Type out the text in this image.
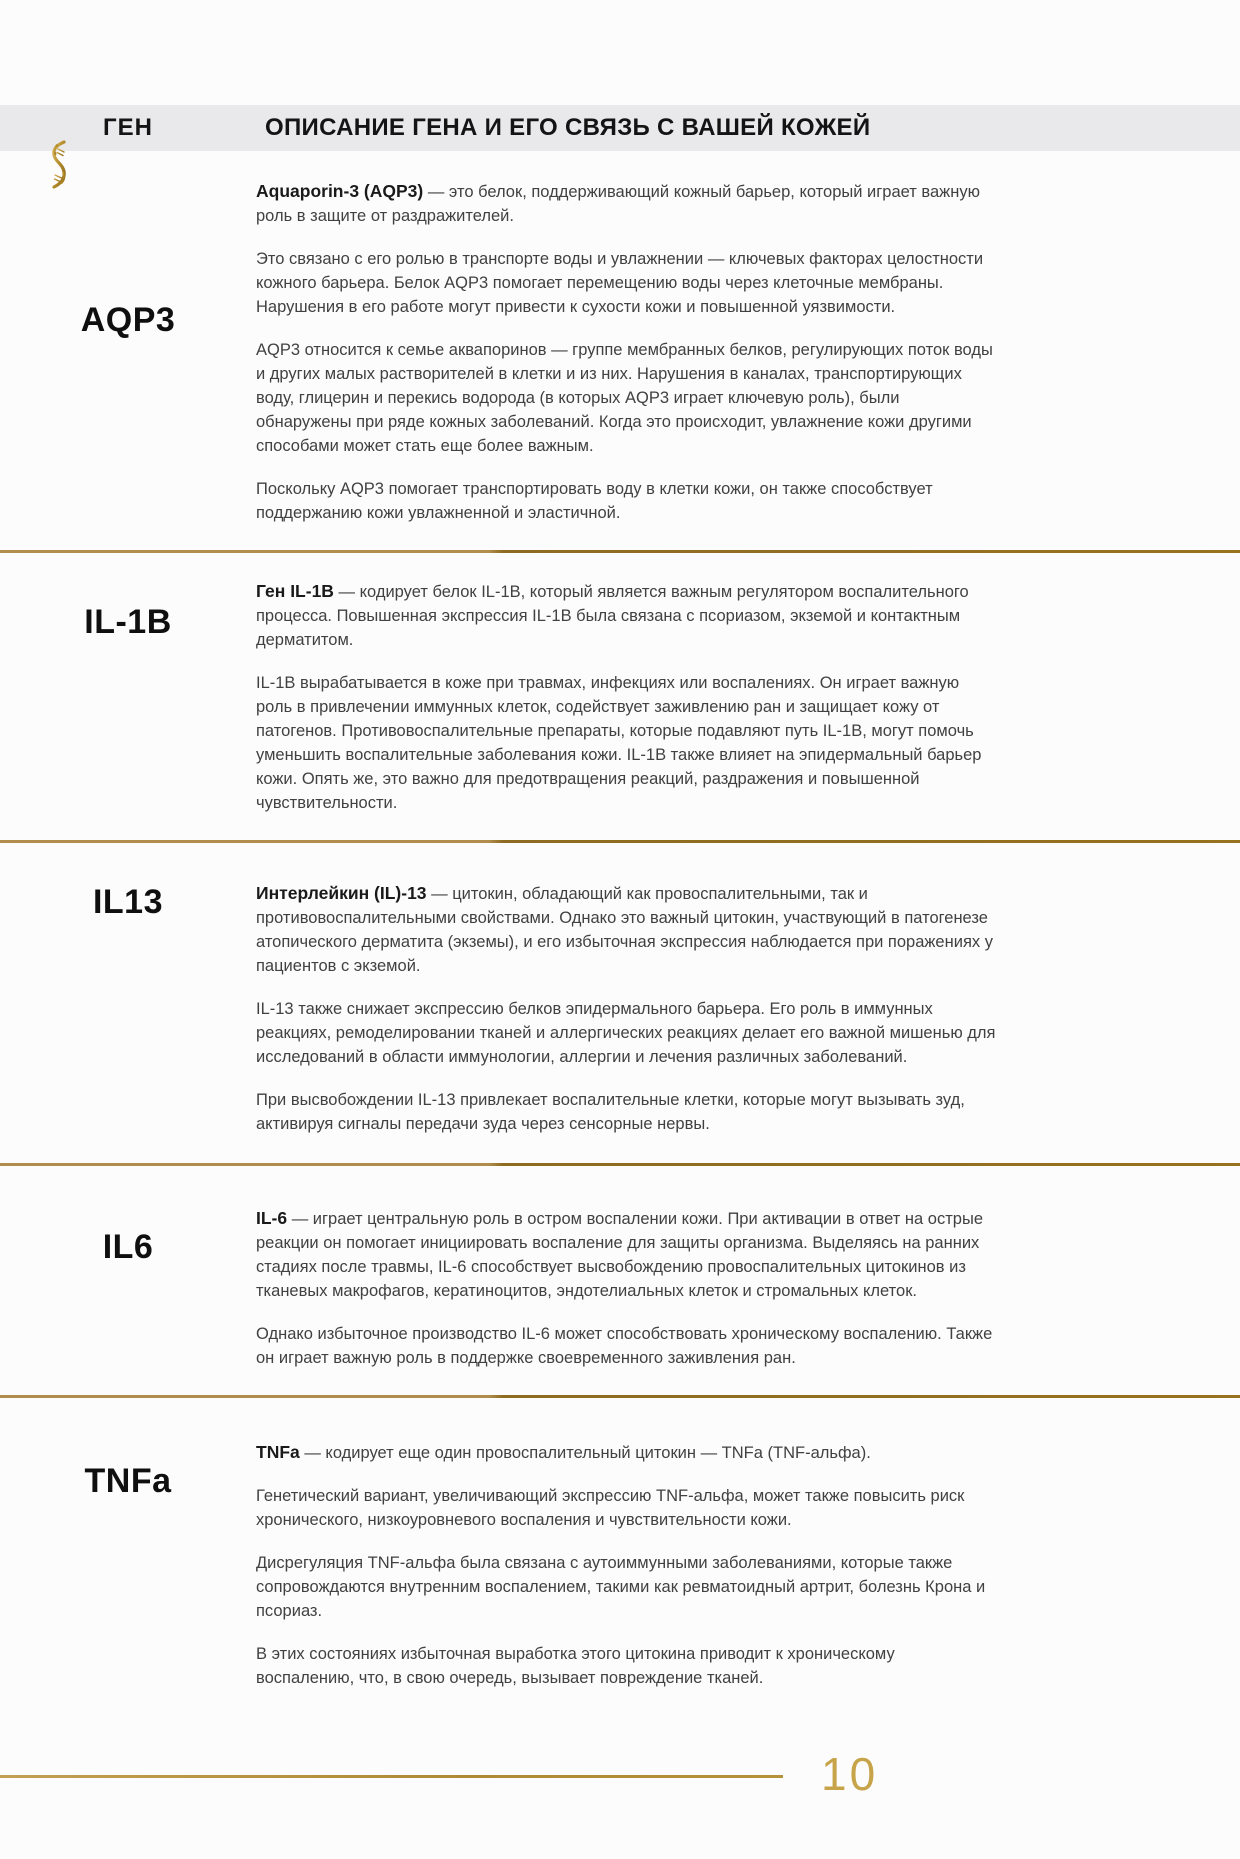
ГЕН	ОПИСАНИЕ ГЕНА И ЕГО СВЯЗЬ С ВАШЕЙ КОЖЕЙ
AQP3

Aquaporin-3 (AQP3) — это белок, поддерживающий кожный барьер, который играет важную роль в защите от раздражителей.

Это связано с его ролью в транспорте воды и увлажнении — ключевых факторах целостности кожного барьера. Белок AQP3 помогает перемещению воды через клеточные мембраны. Нарушения в его работе могут привести к сухости кожи и повышенной уязвимости.

AQP3 относится к семье аквапоринов — группе мембранных белков, регулирующих поток воды и других малых растворителей в клетки и из них. Нарушения в каналах, транспортирующих воду, глицерин и перекись водорода (в которых AQP3 играет ключевую роль), были обнаружены при ряде кожных заболеваний. Когда это происходит, увлажнение кожи другими способами может стать еще более важным.

Поскольку AQP3 помогает транспортировать воду в клетки кожи, он также способствует поддержанию кожи увлажненной и эластичной.

IL-1B

Ген IL-1B — кодирует белок IL-1B, который является важным регулятором воспалительного процесса. Повышенная экспрессия IL-1B была связана с псориазом, экземой и контактным дерматитом.

IL-1B вырабатывается в коже при травмах, инфекциях или воспалениях. Он играет важную роль в привлечении иммунных клеток, содействует заживлению ран и защищает кожу от патогенов. Противовоспалительные препараты, которые подавляют путь IL-1B, могут помочь уменьшить воспалительные заболевания кожи. IL-1B также влияет на эпидермальный барьер кожи. Опять же, это важно для предотвращения реакций, раздражения и повышенной чувствительности.

IL13	Интерлейкин (IL)-13 — цитокин, обладающий как провоспалительными, так и противовоспалительными свойствами. Однако это важный цитокин, участвующий в патогенезе атопического дерматита (экземы), и его избыточная экспрессия наблюдается при поражениях у пациентов с экземой.

IL-13 также снижает экспрессию белков эпидермального барьера. Его роль в иммунных реакциях, ремоделировании тканей и аллергических реакциях делает его важной мишенью для исследований в области иммунологии, аллергии и лечения различных заболеваний.

При высвобождении IL-13 привлекает воспалительные клетки, которые могут вызывать зуд, активируя сигналы передачи зуда через сенсорные нервы.

IL6

IL-6 — играет центральную роль в остром воспалении кожи. При активации в ответ на острые реакции он помогает инициировать воспаление для защиты организма. Выделяясь на ранних стадиях после травмы, IL-6 способствует высвобождению провоспалительных цитокинов из тканевых макрофагов, кератиноцитов, эндотелиальных клеток и стромальных клеток.

Однако избыточное производство IL-6 может способствовать хроническому воспалению. Также он играет важную роль в поддержке своевременного заживления ран.

TNFa

TNFa — кодирует еще один провоспалительный цитокин — TNFa (TNF-альфа).

Генетический вариант, увеличивающий экспрессию TNF-альфа, может также повысить риск хронического, низкоуровневого воспаления и чувствительности кожи.

Дисрегуляция TNF-альфа была связана с аутоиммунными заболеваниями, которые также сопровождаются внутренним воспалением, такими как ревматоидный артрит, болезнь Крона и псориаз.

В этих состояниях избыточная выработка этого цитокина приводит к хроническому воспалению, что, в свою очередь, вызывает повреждение тканей.

10
